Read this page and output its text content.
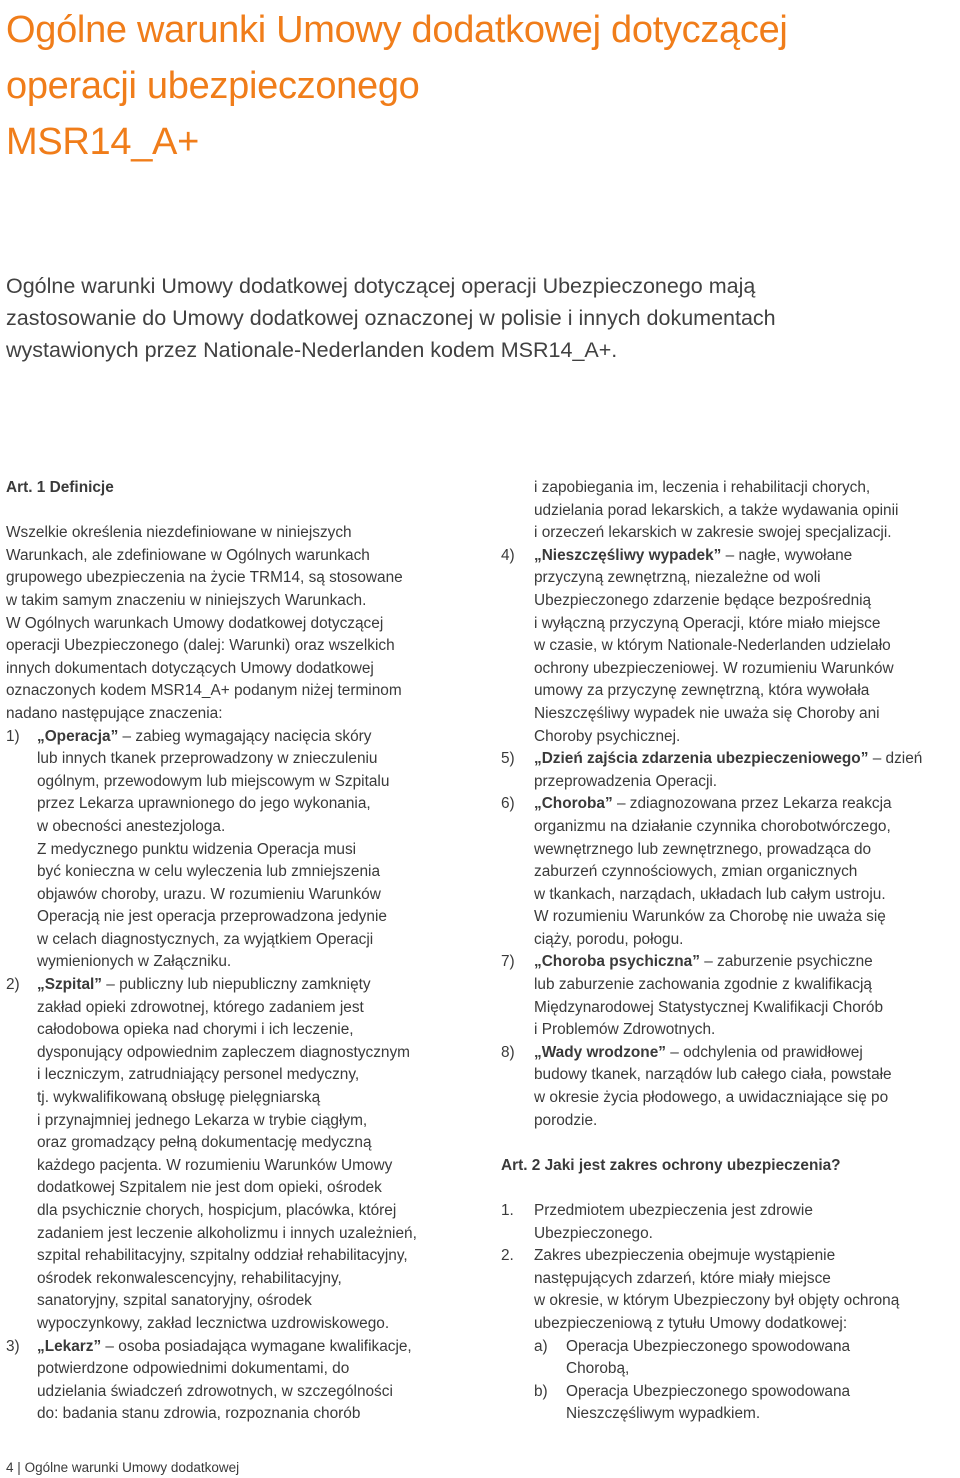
Ogólne warunki Umowy dodatkowej dotyczącej
operacji ubezpieczonego
MSR14_A+

Ogólne warunki Umowy dodatkowej dotyczącej operacji Ubezpieczonego mają
zastosowanie do Umowy dodatkowej oznaczonej w polisie i innych dokumentach
wystawionych przez Nationale-Nederlanden kodem MSR14_A+.

Art. 1 Definicje

Wszelkie określenia niezdefiniowane w niniejszych
Warunkach, ale zdefiniowane w Ogólnych warunkach
grupowego ubezpieczenia na życie TRM14, są stosowane
w takim samym znaczeniu w niniejszych Warunkach.

W Ogólnych warunkach Umowy dodatkowej dotyczącej
operacji Ubezpieczonego (dalej: Warunki) oraz wszelkich
innych dokumentach dotyczących Umowy dodatkowej
oznaczonych kodem MSR14_A+ podanym niżej terminom
nadano następujące znaczenia:

1)	„Operacja” – zabieg wymagający nacięcia skóry
lub innych tkanek przeprowadzony w znieczuleniu
ogólnym, przewodowym lub miejscowym w Szpitalu
przez Lekarza uprawnionego do jego wykonania,
w obecności anestezjologa.
Z medycznego punktu widzenia Operacja musi
być konieczna w celu wyleczenia lub zmniejszenia
objawów choroby, urazu. W rozumieniu Warunków
Operacją nie jest operacja przeprowadzona jedynie
w celach diagnostycznych, za wyjątkiem Operacji
wymienionych w Załączniku.
2)	„Szpital” – publiczny lub niepubliczny zamknięty
zakład opieki zdrowotnej, którego zadaniem jest
całodobowa opieka nad chorymi i ich leczenie,
dysponujący odpowiednim zapleczem diagnostycznym
i leczniczym, zatrudniający personel medyczny,
tj. wykwalifikowaną obsługę pielęgniarską
i przynajmniej jednego Lekarza w trybie ciągłym,
oraz gromadzący pełną dokumentację medyczną
każdego pacjenta. W rozumieniu Warunków Umowy
dodatkowej Szpitalem nie jest dom opieki, ośrodek
dla psychicznie chorych, hospicjum, placówka, której
zadaniem jest leczenie alkoholizmu i innych uzależnień,
szpital rehabilitacyjny, szpitalny oddział rehabilitacyjny,
ośrodek rekonwalescencyjny, rehabilitacyjny,
sanatoryjny, szpital sanatoryjny, ośrodek
wypoczynkowy, zakład lecznictwa uzdrowiskowego.
3)	„Lekarz” – osoba posiadająca wymagane kwalifikacje,
potwierdzone odpowiednimi dokumentami, do
udzielania świadczeń zdrowotnych, w szczególności
do: badania stanu zdrowia, rozpoznania chorób
i zapobiegania im, leczenia i rehabilitacji chorych,
udzielania porad lekarskich, a także wydawania opinii
i orzeczeń lekarskich w zakresie swojej specjalizacji.
4)	„Nieszczęśliwy wypadek” – nagłe, wywołane
przyczyną zewnętrzną, niezależne od woli
Ubezpieczonego zdarzenie będące bezpośrednią
i wyłączną przyczyną Operacji, które miało miejsce
w czasie, w którym Nationale-Nederlanden udzielało
ochrony ubezpieczeniowej. W rozumieniu Warunków
umowy za przyczynę zewnętrzną, która wywołała
Nieszczęśliwy wypadek nie uważa się Choroby ani
Choroby psychicznej.
5)	„Dzień zajścia zdarzenia ubezpieczeniowego” – dzień
przeprowadzenia Operacji.
6)	„Choroba” – zdiagnozowana przez Lekarza reakcja
organizmu na działanie czynnika chorobotwórczego,
wewnętrznego lub zewnętrznego, prowadząca do
zaburzeń czynnościowych, zmian organicznych
w tkankach, narządach, układach lub całym ustroju.
W rozumieniu Warunków za Chorobę nie uważa się
ciąży, porodu, połogu.
7)	„Choroba psychiczna” – zaburzenie psychiczne
lub zaburzenie zachowania zgodnie z kwalifikacją
Międzynarodowej Statystycznej Kwalifikacji Chorób
i Problemów Zdrowotnych.
8)	„Wady wrodzone” – odchylenia od prawidłowej
budowy tkanek, narządów lub całego ciała, powstałe
w okresie życia płodowego, a uwidaczniające się po
porodzie.

Art. 2 Jaki jest zakres ochrony ubezpieczenia?

1.	Przedmiotem ubezpieczenia jest zdrowie
Ubezpieczonego.
2.	Zakres ubezpieczenia obejmuje wystąpienie
następujących zdarzeń, które miały miejsce
w okresie, w którym Ubezpieczony był objęty ochroną
ubezpieczeniową z tytułu Umowy dodatkowej:
a)	Operacja Ubezpieczonego spowodowana
Chorobą,
b)	Operacja Ubezpieczonego spowodowana
Nieszczęśliwym wypadkiem.
4 | Ogólne warunki Umowy dodatkowej
